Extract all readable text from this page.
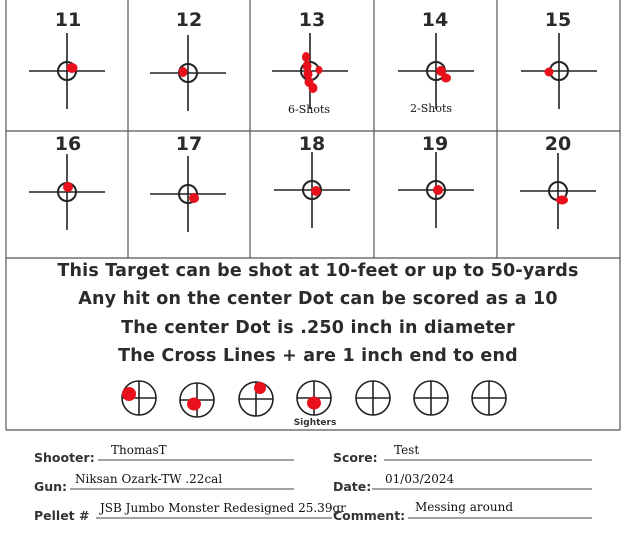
11	12	13	14	15
16	17	18	19	20
6-Shots	2-Shots
This Target can be shot at 10-feet or up to 50-yards
Any hit on the center Dot can be scored as a 10
The center Dot is .250 inch in diameter
The Cross Lines + are 1 inch end to end
Sighters
Shooter: ThomasT	Score: Test
Gun: Niksan Ozark-TW .22cal	Date: 01/03/2024
Pellet # JSB Jumbo Monster Redesigned 25.39gr
Comment:
Messing around
